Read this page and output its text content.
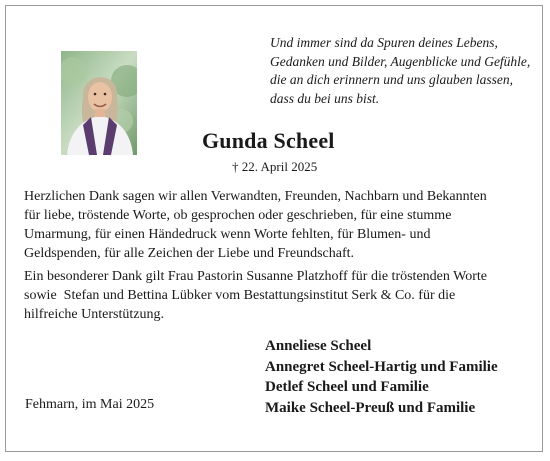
Und immer sind da Spuren deines Lebens,
Gedanken und Bilder, Augenblicke und Gefühle,
die an dich erinnern und uns glauben lassen,
dass du bei uns bist.
Gunda Scheel
† 22. April 2025
Herzlichen Dank sagen wir allen Verwandten, Freunden, Nachbarn und Bekannten
für liebe, tröstende Worte, ob gesprochen oder geschrieben, für eine stumme
Umarmung, für einen Händedruck wenn Worte fehlten, für Blumen- und
Geldspenden, für alle Zeichen der Liebe und Freundschaft.
Ein besonderer Dank gilt Frau Pastorin Susanne Platzhoff für die tröstenden Worte
sowie  Stefan und Bettina Lübker vom Bestattungsinstitut Serk & Co. für die
hilfreiche Unterstützung.
Anneliese Scheel
Annegret Scheel-Hartig und Familie
Detlef Scheel und Familie
Maike Scheel-Preuß und Familie
Fehmarn, im Mai 2025
